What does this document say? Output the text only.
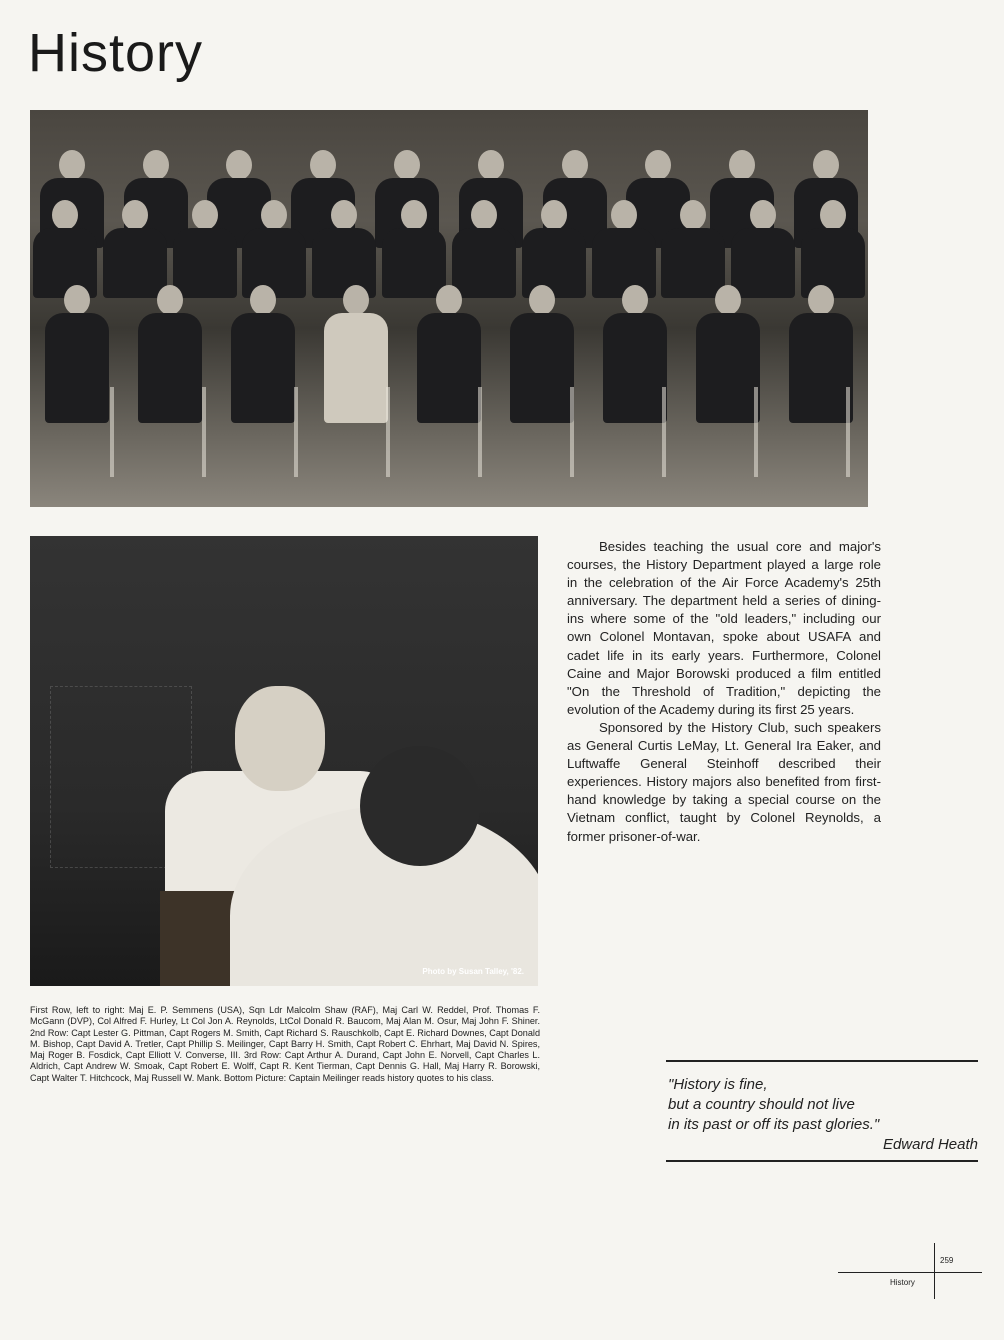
History
Photo by Susan Talley, '82.

Besides teaching the usual core and major's courses, the History Department played a large role in the celebration of the Air Force Academy's 25th anniversary. The department held a series of dining-ins where some of the "old leaders," including our own Colonel Montavan, spoke about USAFA and cadet life in its early years. Furthermore, Colonel Caine and Major Borowski produced a film entitled "On the Threshold of Tradition," depicting the evolution of the Academy during its first 25 years.

Sponsored by the History Club, such speakers as General Curtis LeMay, Lt. General Ira Eaker, and Luftwaffe General Steinhoff described their experiences. History majors also benefited from first-hand knowledge by taking a special course on the Vietnam conflict, taught by Colonel Reynolds, a former prisoner-of-war.

First Row, left to right: Maj E. P. Semmens (USA), Sqn Ldr Malcolm Shaw (RAF), Maj Carl W. Reddel, Prof. Thomas F. McGann (DVP), Col Alfred F. Hurley, Lt Col Jon A. Reynolds, LtCol Donald R. Baucom, Maj Alan M. Osur, Maj John F. Shiner. 2nd Row: Capt Lester G. Pittman, Capt Rogers M. Smith, Capt Richard S. Rauschkolb, Capt E. Richard Downes, Capt Donald M. Bishop, Capt David A. Tretler, Capt Phillip S. Meilinger, Capt Barry H. Smith, Capt Robert C. Ehrhart, Maj David N. Spires, Maj Roger B. Fosdick, Capt Elliott V. Converse, III. 3rd Row: Capt Arthur A. Durand, Capt John E. Norvell, Capt Charles L. Aldrich, Capt Andrew W. Smoak, Capt Robert E. Wolff, Capt R. Kent Tierman, Capt Dennis G. Hall, Maj Harry R. Borowski, Capt Walter T. Hitchcock, Maj Russell W. Mank. Bottom Picture: Captain Meilinger reads history quotes to his class.	"History is fine,
but a country should not live
in its past or off its past glories."
Edward Heath
259
History
